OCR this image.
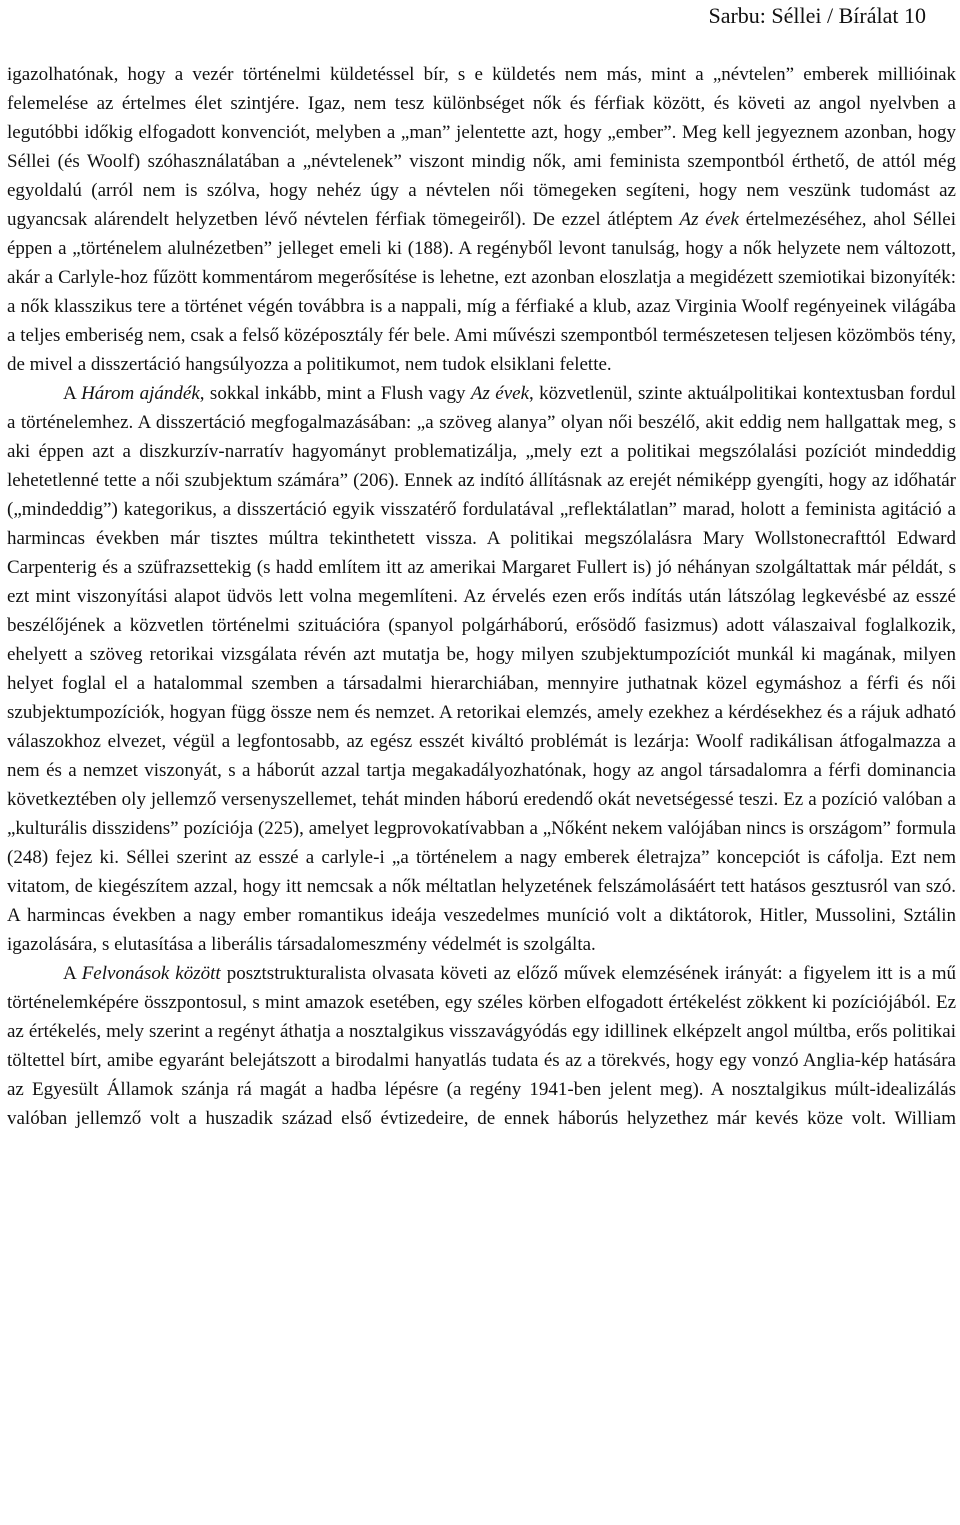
Sarbu: Séllei / Bírálat 10

igazolhatónak, hogy a vezér történelmi küldetéssel bír, s e küldetés nem más, mint a „névtelen” emberek millióinak felemelése az értelmes élet szintjére. Igaz, nem tesz különbséget nők és férfiak között, és követi az angol nyelvben a legutóbbi időkig elfogadott konvenciót, melyben a „man” jelentette azt, hogy „ember”. Meg kell jegyeznem azonban, hogy Séllei (és Woolf) szóhasználatában a „névtelenek” viszont mindig nők, ami feminista szempontból érthető, de attól még egyoldalú (arról nem is szólva, hogy nehéz úgy a névtelen női tömegeken segíteni, hogy nem veszünk tudomást az ugyancsak alárendelt helyzetben lévő névtelen férfiak tömegeiről). De ezzel átléptem Az évek értelmezéséhez, ahol Séllei éppen a „történelem alulnézetben” jelleget emeli ki (188). A regényből levont tanulság, hogy a nők helyzete nem változott, akár a Carlyle-hoz fűzött kommentárom megerősítése is lehetne, ezt azonban eloszlatja a megidézett szemiotikai bizonyíték: a nők klasszikus tere a történet végén továbbra is a nappali, míg a férfiaké a klub, azaz Virginia Woolf regényeinek világába a teljes emberiség nem, csak a felső középosztály fér bele. Ami művészi szempontból természetesen teljesen közömbös tény, de mivel a disszertáció hangsúlyozza a politikumot, nem tudok elsiklani felette.

A Három ajándék, sokkal inkább, mint a Flush vagy Az évek, közvetlenül, szinte aktuálpolitikai kontextusban fordul a történelemhez. A disszertáció megfogalmazásában: „a szöveg alanya” olyan női beszélő, akit eddig nem hallgattak meg, s aki éppen azt a diszkurzív-narratív hagyományt problematizálja, „mely ezt a politikai megszólalási pozíciót mindeddig lehetetlenné tette a női szubjektum számára” (206). Ennek az indító állításnak az erejét némiképp gyengíti, hogy az időhatár („mindeddig”) kategorikus, a disszertáció egyik visszatérő fordulatával „reflektálatlan” marad, holott a feminista agitáció a harmincas években már tisztes múltra tekinthetett vissza. A politikai megszólalásra Mary Wollstonecrafttól Edward Carpenterig és a szüfrazsettekig (s hadd említem itt az amerikai Margaret Fullert is) jó néhányan szolgáltattak már példát, s ezt mint viszonyítási alapot üdvös lett volna megemlíteni. Az érvelés ezen erős indítás után látszólag legkevésbé az esszé beszélőjének a közvetlen történelmi szituációra (spanyol polgárháború, erősödő fasizmus) adott válaszaival foglalkozik, ehelyett a szöveg retorikai vizsgálata révén azt mutatja be, hogy milyen szubjektumpozíciót munkál ki magának, milyen helyet foglal el a hatalommal szemben a társadalmi hierarchiában, mennyire juthatnak közel egymáshoz a férfi és női szubjektumpozíciók, hogyan függ össze nem és nemzet. A retorikai elemzés, amely ezekhez a kérdésekhez és a rájuk adható válaszokhoz elvezet, végül a legfontosabb, az egész esszét kiváltó problémát is lezárja: Woolf radikálisan átfogalmazza a nem és a nemzet viszonyát, s a háborút azzal tartja megakadályozhatónak, hogy az angol társadalomra a férfi dominancia következtében oly jellemző versenyszellemet, tehát minden háború eredendő okát nevetségessé teszi. Ez a pozíció valóban a „kulturális disszidens” pozíciója (225), amelyet legprovokatívabban a „Nőként nekem valójában nincs is országom” formula (248) fejez ki. Séllei szerint az esszé a carlyle-i „a történelem a nagy emberek életrajza” koncepciót is cáfolja. Ezt nem vitatom, de kiegészítem azzal, hogy itt nemcsak a nők méltatlan helyzetének felszámolásáért tett hatásos gesztusról van szó. A harmincas években a nagy ember romantikus ideája veszedelmes muníció volt a diktátorok, Hitler, Mussolini, Sztálin igazolására, s elutasítása a liberális társadalomeszmény védelmét is szolgálta.

A Felvonások között posztstrukturalista olvasata követi az előző művek elemzésének irányát: a figyelem itt is a mű történelemképére összpontosul, s mint amazok esetében, egy széles körben elfogadott értékelést zökkent ki pozíciójából. Ez az értékelés, mely szerint a regényt áthatja a nosztalgikus visszavágyódás egy idillinek elképzelt angol múltba, erős politikai töltettel bírt, amibe egyaránt belejátszott a birodalmi hanyatlás tudata és az a törekvés, hogy egy vonzó Anglia-kép hatására az Egyesült Államok szánja rá magát a hadba lépésre (a regény 1941-ben jelent meg). A nosztalgikus múlt-idealizálás valóban jellemző volt a huszadik század első évtizedeire, de ennek háborús helyzethez már kevés köze volt. William
